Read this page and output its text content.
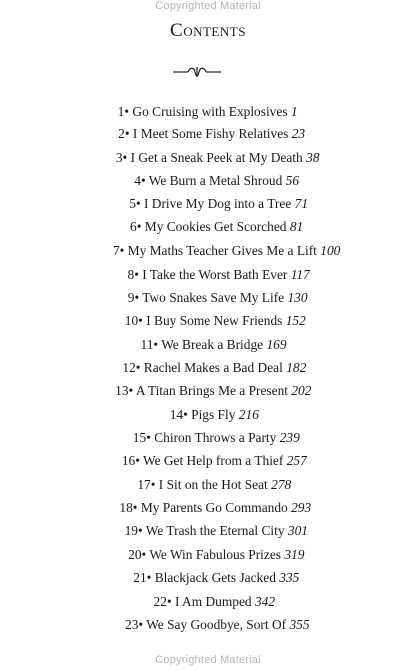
Copyrighted Material
Contents
1 • Go Cruising with Explosives 1
2 • I Meet Some Fishy Relatives 23
3 • I Get a Sneak Peek at My Death 38
4 • We Burn a Metal Shroud 56
5 • I Drive My Dog into a Tree 71
6 • My Cookies Get Scorched 81
7 • My Maths Teacher Gives Me a Lift 100
8 • I Take the Worst Bath Ever 117
9 • Two Snakes Save My Life 130
10 • I Buy Some New Friends 152
11 • We Break a Bridge 169
12 • Rachel Makes a Bad Deal 182
13 • A Titan Brings Me a Present 202
14 • Pigs Fly 216
15 • Chiron Throws a Party 239
16 • We Get Help from a Thief 257
17 • I Sit on the Hot Seat 278
18 • My Parents Go Commando 293
19 • We Trash the Eternal City 301
20 • We Win Fabulous Prizes 319
21 • Blackjack Gets Jacked 335
22 • I Am Dumped 342
23 • We Say Goodbye, Sort Of 355
Copyrighted Material
